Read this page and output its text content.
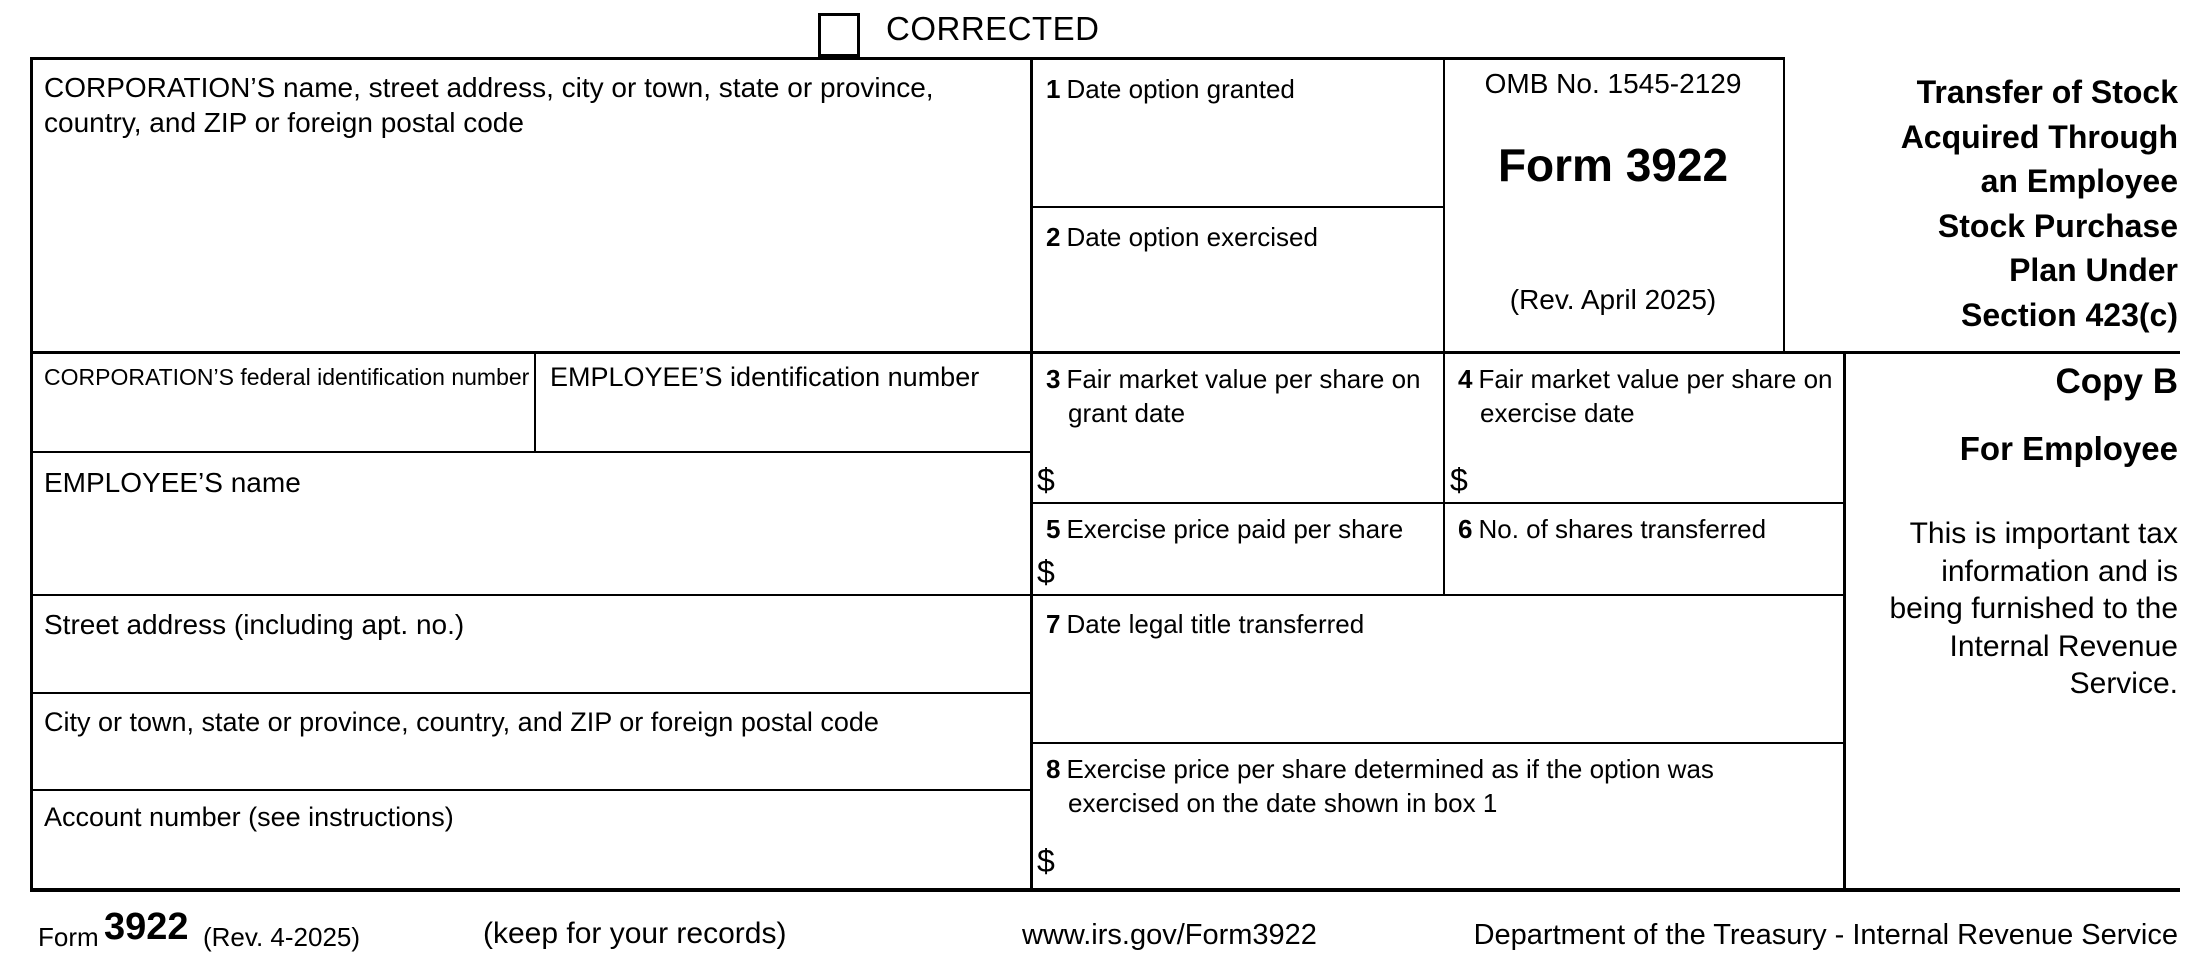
CORRECTED
CORPORATION’S name, street address, city or town, state or province, country, and ZIP or foreign postal code
1 Date option granted
2 Date option exercised
OMB No. 1545-2129
Form 3922
(Rev. April 2025)
Transfer of Stock
Acquired Through
an Employee
Stock Purchase
Plan Under
Section 423(c)
CORPORATION’S federal identification number EMPLOYEE’S identification number	3 Fair market value per share on grant date
$
4 Fair market value per share on exercise date
$
EMPLOYEE’S name
5 Exercise price paid per share
$
6 No. of shares transferred
Street address (including apt. no.)	7 Date legal title transferred
City or town, state or province, country, and ZIP or foreign postal code
8 Exercise price per share determined as if the option was exercised on the date shown in box 1
$
Account number (see instructions)
Copy B
For Employee
This is important tax information and is being furnished to the Internal Revenue Service.
Form 3922 (Rev. 4-2025)	(keep for your records)	www.irs.gov/Form3922	Department of the Treasury - Internal Revenue Service
